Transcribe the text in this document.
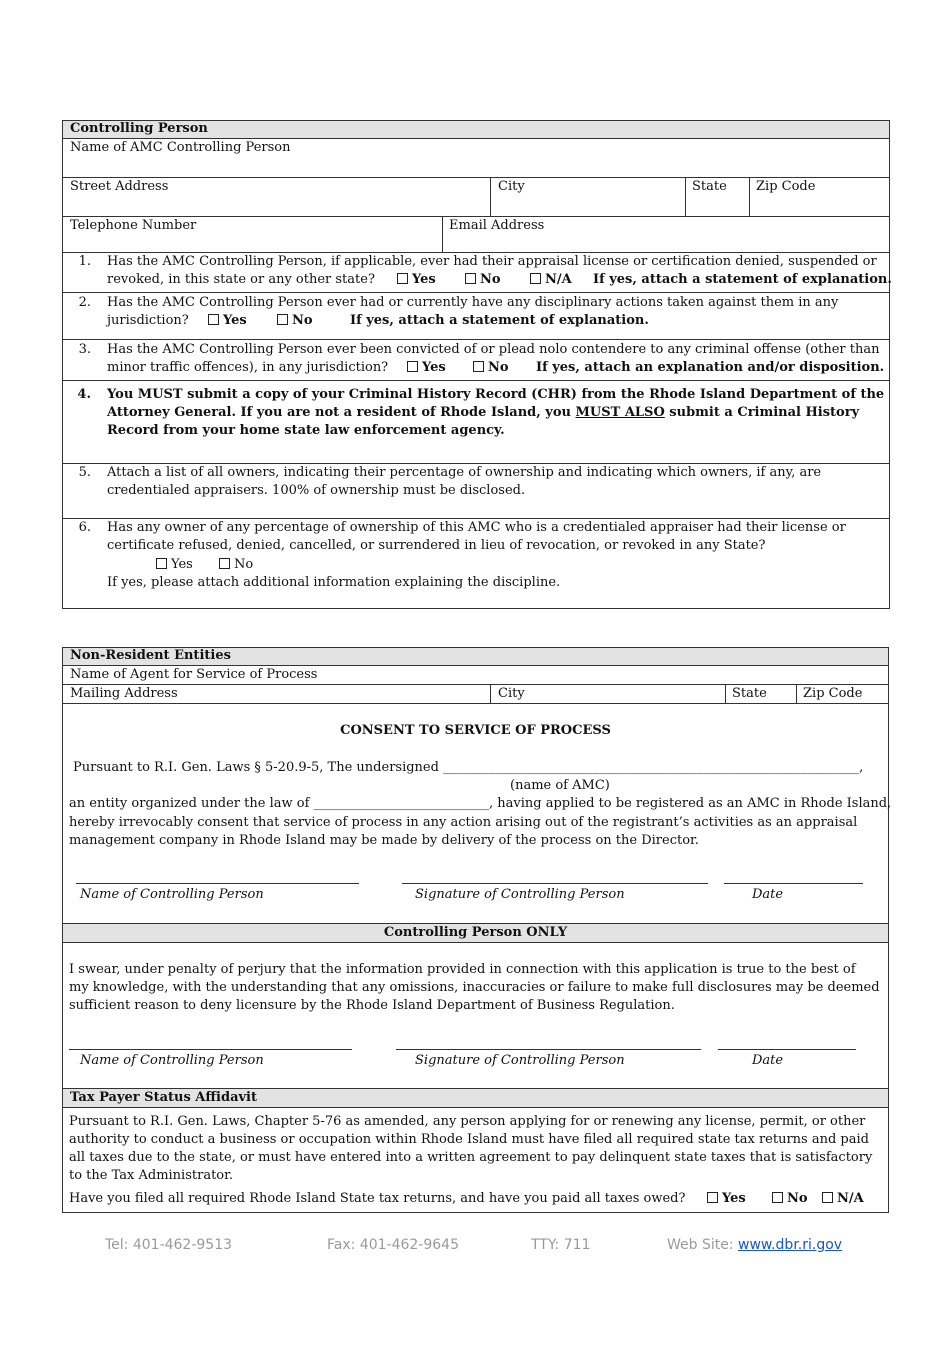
Controlling Person
Name of AMC Controlling Person
Street Address	City	State Zip Code
Telephone Number	Email Address
1. Has the AMC Controlling Person, if applicable, ever had their appraisal license or certification denied, suspended or
revoked, in this state or any other state?	Yes	No	N/A If yes, attach a statement of explanation.
2. Has the AMC Controlling Person ever had or currently have any disciplinary actions taken against them in any
jurisdiction?	Yes	No	If yes, attach a statement of explanation.
3. Has the AMC Controlling Person ever been convicted of or plead nolo contendere to any criminal offense (other than
minor traffic offences), in any jurisdiction?	Yes	No If yes, attach an explanation and/or disposition.
4. You MUST submit a copy of your Criminal History Record (CHR) from the Rhode Island Department of the
Attorney General. If you are not a resident of Rhode Island, you MUST ALSO submit a Criminal History
Record from your home state law enforcement agency.
5. Attach a list of all owners, indicating their percentage of ownership and indicating which owners, if any, are
credentialed appraisers. 100% of ownership must be disclosed.
6. Has any owner of any percentage of ownership of this AMC who is a credentialed appraiser had their license or
certificate refused, denied, cancelled, or surrendered in lieu of revocation, or revoked in any State?
Yes	No
If yes, please attach additional information explaining the discipline.
Non-Resident Entities
Name of Agent for Service of Process
Mailing Address	City	State	Zip Code
CONSENT TO SERVICE OF PROCESS
Pursuant to R.I. Gen. Laws § 5-20.9-5, The undersigned ________________________________________________________________,
(name of AMC)
an entity organized under the law of ___________________________, having applied to be registered as an AMC in Rhode Island,
hereby irrevocably consent that service of process in any action arising out of the registrant’s activities as an appraisal
management company in Rhode Island may be made by delivery of the process on the Director.
Name of Controlling Person	Signature of Controlling Person	Date
Controlling Person ONLY
I swear, under penalty of perjury that the information provided in connection with this application is true to the best of
my knowledge, with the understanding that any omissions, inaccuracies or failure to make full disclosures may be deemed
sufficient reason to deny licensure by the Rhode Island Department of Business Regulation.
Name of Controlling Person	Signature of Controlling Person	Date
Tax Payer Status Affidavit
Pursuant to R.I. Gen. Laws, Chapter 5-76 as amended, any person applying for or renewing any license, permit, or other
authority to conduct a business or occupation within Rhode Island must have filed all required state tax returns and paid
all taxes due to the state, or must have entered into a written agreement to pay delinquent state taxes that is satisfactory
to the Tax Administrator.
Have you filed all required Rhode Island State tax returns, and have you paid all taxes owed?	Yes	No	N/A
Tel: 401-462-9513	Fax: 401-462-9645	TTY: 711	Web Site: www.dbr.ri.gov
